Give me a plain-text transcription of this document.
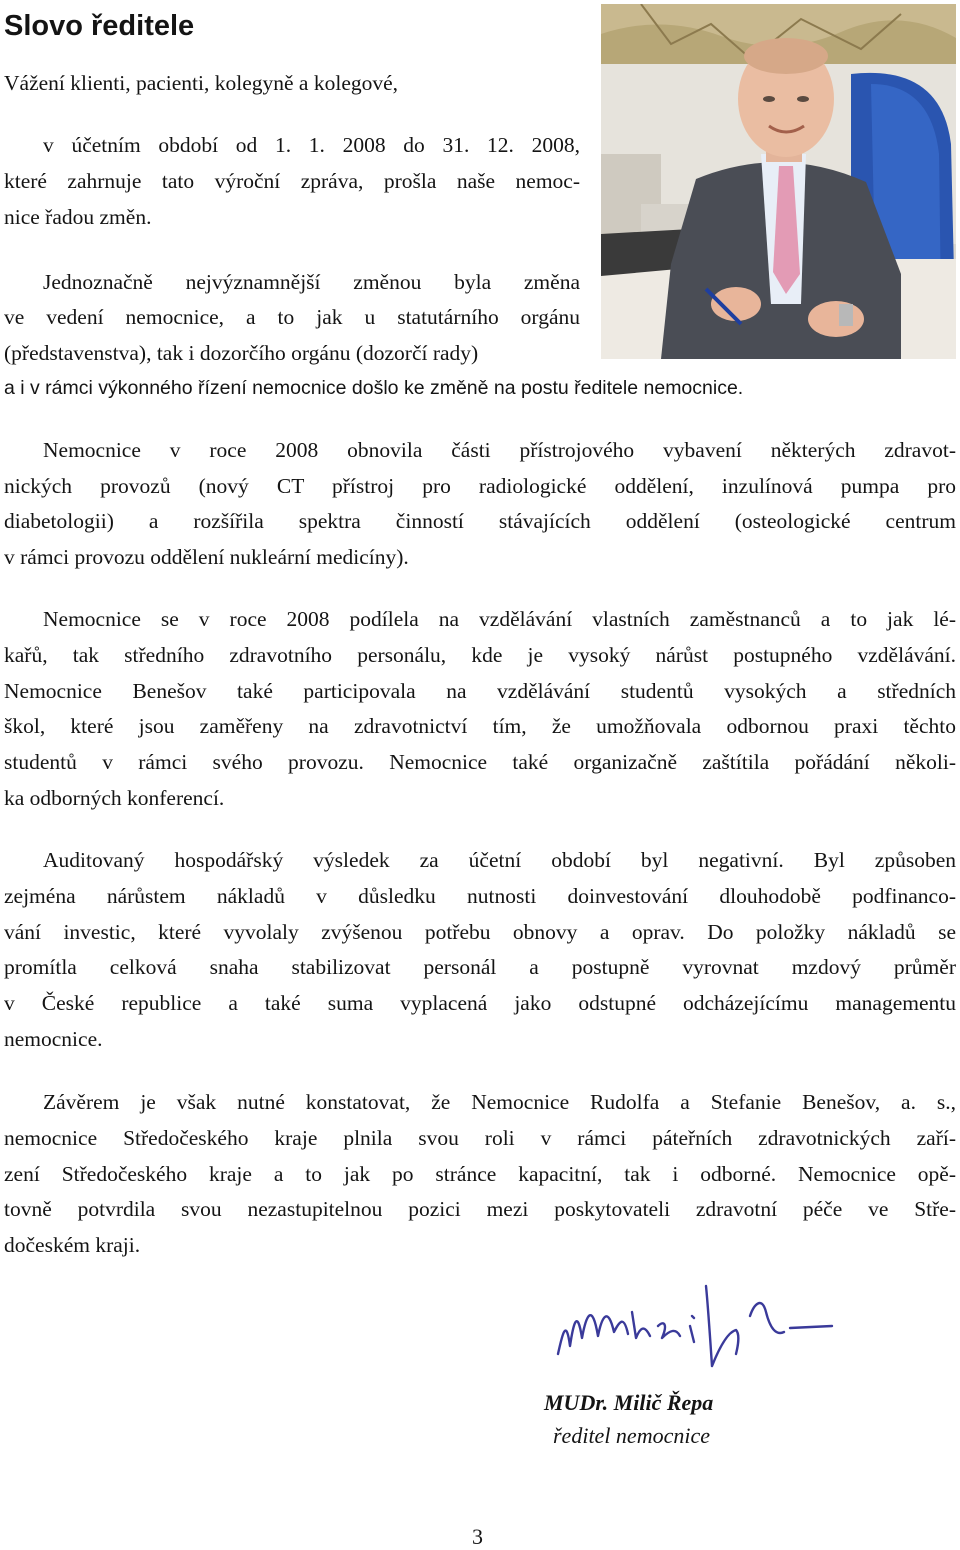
Slovo ředitele
Vážení klienti, pacienti, kolegyně a kolegové,
v účetním období od 1. 1. 2008 do 31. 12. 2008,
které zahrnuje tato výroční zpráva, prošla naše nemoc-
nice řadou změn.
Jednoznačně nejvýznamnější změnou byla změna
ve vedení nemocnice, a to jak u statutárního orgánu
(představenstva), tak i dozorčího orgánu (dozorčí rady)
a i v rámci výkonného řízení nemocnice došlo ke změně na postu ředitele nemocnice.
Nemocnice v roce 2008 obnovila části přístrojového vybavení některých zdravot-
nických provozů (nový CT přístroj pro radiologické oddělení, inzulínová pumpa pro
diabetologii) a rozšířila spektra činností stávajících oddělení (osteologické centrum
v rámci provozu oddělení nukleární medicíny).
Nemocnice se v roce 2008 podílela na vzdělávání vlastních zaměstnanců a to jak lé-
kařů, tak středního zdravotního personálu, kde je vysoký nárůst postupného vzdělávání.
Nemocnice Benešov také participovala na vzdělávání studentů vysokých a středních
škol, které jsou zaměřeny na zdravotnictví tím, že umožňovala odbornou praxi těchto
studentů v rámci svého provozu. Nemocnice také organizačně zaštítila pořádání několi-
ka odborných konferencí.
Auditovaný hospodářský výsledek za účetní období byl negativní. Byl způsoben
zejména nárůstem nákladů v důsledku nutnosti doinvestování dlouhodobě podfinanco-
vání investic, které vyvolaly zvýšenou potřebu obnovy a oprav. Do položky nákladů se
promítla celková snaha stabilizovat personál a postupně vyrovnat mzdový průměr
v České republice a také suma vyplacená jako odstupné odcházejícímu managementu
nemocnice.
Závěrem je však nutné konstatovat, že Nemocnice Rudolfa a Stefanie Benešov, a. s.,
nemocnice Středočeského kraje plnila svou roli v rámci páteřních zdravotnických zaří-
zení Středočeského kraje a to jak po stránce kapacitní, tak i odborné. Nemocnice opě-
tovně potvrdila svou nezastupitelnou pozici mezi poskytovateli zdravotní péče ve Stře-
dočeském kraji.
MUDr. Milič Řepa
ředitel nemocnice
3
